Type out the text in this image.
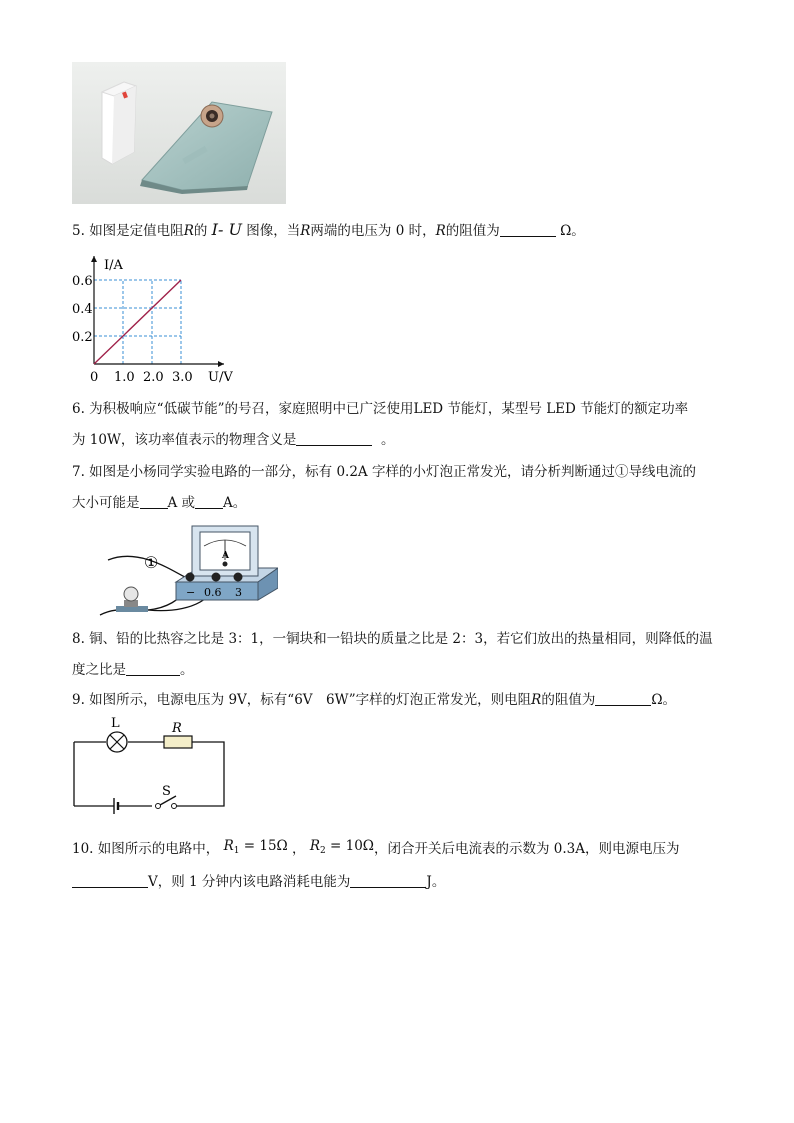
5. 如图是定值电阻R的 I- U 图像，当R两端的电压为 0 时，R的阻值为	Ω。
1.0 2.0 3.0
0.2
0.4
0.6
0
I/A
U/V
6. 为积极响应“低碳节能”的号召，家庭照明中已广泛使用LED 节能灯，某型号 LED 节能灯的额定功率
为 10W，该功率值表示的物理含义是	。
7. 如图是小杨同学实验电路的一部分，标有 0.2A 字样的小灯泡正常发光，请分析判断通过①导线电流的
大小可能是 A 或 A。
①	A
− 0.6 3
8. 铜、铅的比热容之比是 3：1，一铜块和一铅块的质量之比是 2：3，若它们放出的热量相同，则降低的温
度之比是	。
9. 如图所示，电源电压为 9V，标有“6V　6W”字样的灯泡正常发光，则电阻R的阻值为	Ω。
L	R
S
10. 如图所示的电路中， $R_1 = 15\Omega$ ， $R_2 = 10\Omega$，闭合开关后电流表的示数为 0.3A，则电源电压为
V，则 1 分钟内该电路消耗电能为	J。
